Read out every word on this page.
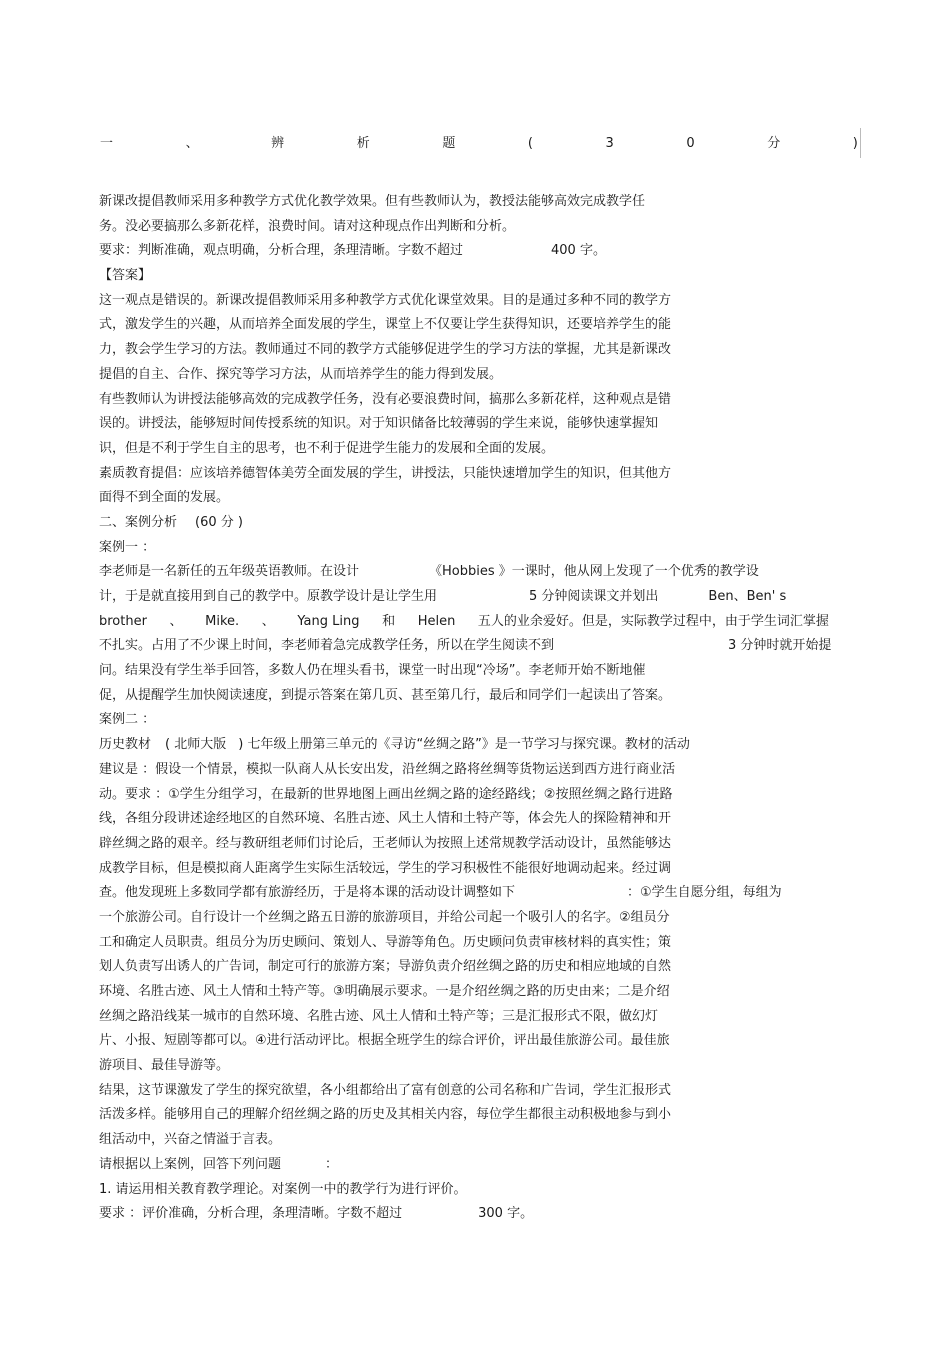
一	、	辨	析	题	(	3	0	分	)
新课改提倡教师采用多种教学方式优化教学效果。但有些教师认为，教授法能够高效完成教学任
务。没必要搞那么多新花样，浪费时间。请对这种现点作出判断和分析。
要求：判断准确，观点明确，分析合理，条理清晰。字数不超过	400 字。
【答案】
这一观点是错误的。新课改提倡教师采用多种教学方式优化课堂效果。目的是通过多种不同的教学方
式，激发学生的兴趣，从而培养全面发展的学生，课堂上不仅要让学生获得知识，还要培养学生的能
力，教会学生学习的方法。教师通过不同的教学方式能够促进学生的学习方法的掌握，尤其是新课改
提倡的自主、合作、探究等学习方法，从而培养学生的能力得到发展。
有些教师认为讲授法能够高效的完成教学任务，没有必要浪费时间，搞那么多新花样，这种观点是错
误的。讲授法，能够短时间传授系统的知识。对于知识储备比较薄弱的学生来说，能够快速掌握知
识，但是不利于学生自主的思考，也不利于促进学生能力的发展和全面的发展。
素质教育提倡：应该培养德智体美劳全面发展的学生，讲授法，只能快速增加学生的知识，但其他方
面得不到全面的发展。
二、案例分析 (60 分 )
案例一 ：
李老师是一名新任的五年级英语教师。在设计	《Hobbies 》一课时，他从网上发现了一个优秀的教学设
计，于是就直接用到自己的教学中。原教学设计是让学生用	5 分钟阅读课文并划出	Ben、Ben' s
brother 、 Mike. 、 Yang Ling 和 Helen 五人的业余爱好。但是，实际教学过程中，由于学生词汇掌握
不扎实。占用了不少课上时间，李老师着急完成教学任务，所以在学生阅读不到	3 分钟时就开始提
问。结果没有学生举手回答，多数人仍在埋头看书，课堂一时出现“冷场”。李老师开始不断地催
促，从提醒学生加快阅读速度，到提示答案在第几页、甚至第几行，最后和同学们一起读出了答案。
案例二 ：
历史教材 ( 北师大版 ) 七年级上册第三单元的《寻访“丝绸之路”》是一节学习与探究课。教材的活动
建议是 ：假设一个情景，模拟一队商人从长安出发，沿丝绸之路将丝绸等货物运送到西方进行商业活
动。要求 ：①学生分组学习，在最新的世界地图上画出丝绸之路的途经路线；②按照丝绸之路行进路
线，各组分段讲述途经地区的自然环境、名胜古迹、风土人情和土特产等，体会先人的探险精神和开
辟丝绸之路的艰辛。经与教研组老师们讨论后，王老师认为按照上述常规教学活动设计，虽然能够达
成教学目标，但是模拟商人距离学生实际生活较远，学生的学习积极性不能很好地调动起来。经过调
查。他发现班上多数同学都有旅游经历，于是将本课的活动设计调整如下	：①学生自愿分组，每组为
一个旅游公司。自行设计一个丝绸之路五日游的旅游项目，并给公司起一个吸引人的名字。②组员分
工和确定人员职责。组员分为历史顾问、策划人、导游等角色。历史顾问负责审核材料的真实性；策
划人负责写出诱人的广告词，制定可行的旅游方案；导游负责介绍丝绸之路的历史和相应地域的自然
环境、名胜古迹、风土人情和土特产等。③明确展示要求。一是介绍丝绸之路的历史由来；二是介绍
丝绸之路沿线某一城市的自然环境、名胜古迹、风土人情和土特产等；三是汇报形式不限，做幻灯
片、小报、短剧等都可以。④进行活动评比。根据全班学生的综合评价，评出最佳旅游公司。最佳旅
游项目、最佳导游等。
结果，这节课激发了学生的探究欲望，各小组都给出了富有创意的公司名称和广告词，学生汇报形式
活泼多样。能够用自己的理解介绍丝绸之路的历史及其相关内容，每位学生都很主动积极地参与到小
组活动中，兴奋之情溢于言表。
请根据以上案例，回答下列问题	：
1. 请运用相关教育教学理论。对案例一中的教学行为进行评价。
要求 ：评价准确，分析合理，条理清晰。字数不超过	300 字。
